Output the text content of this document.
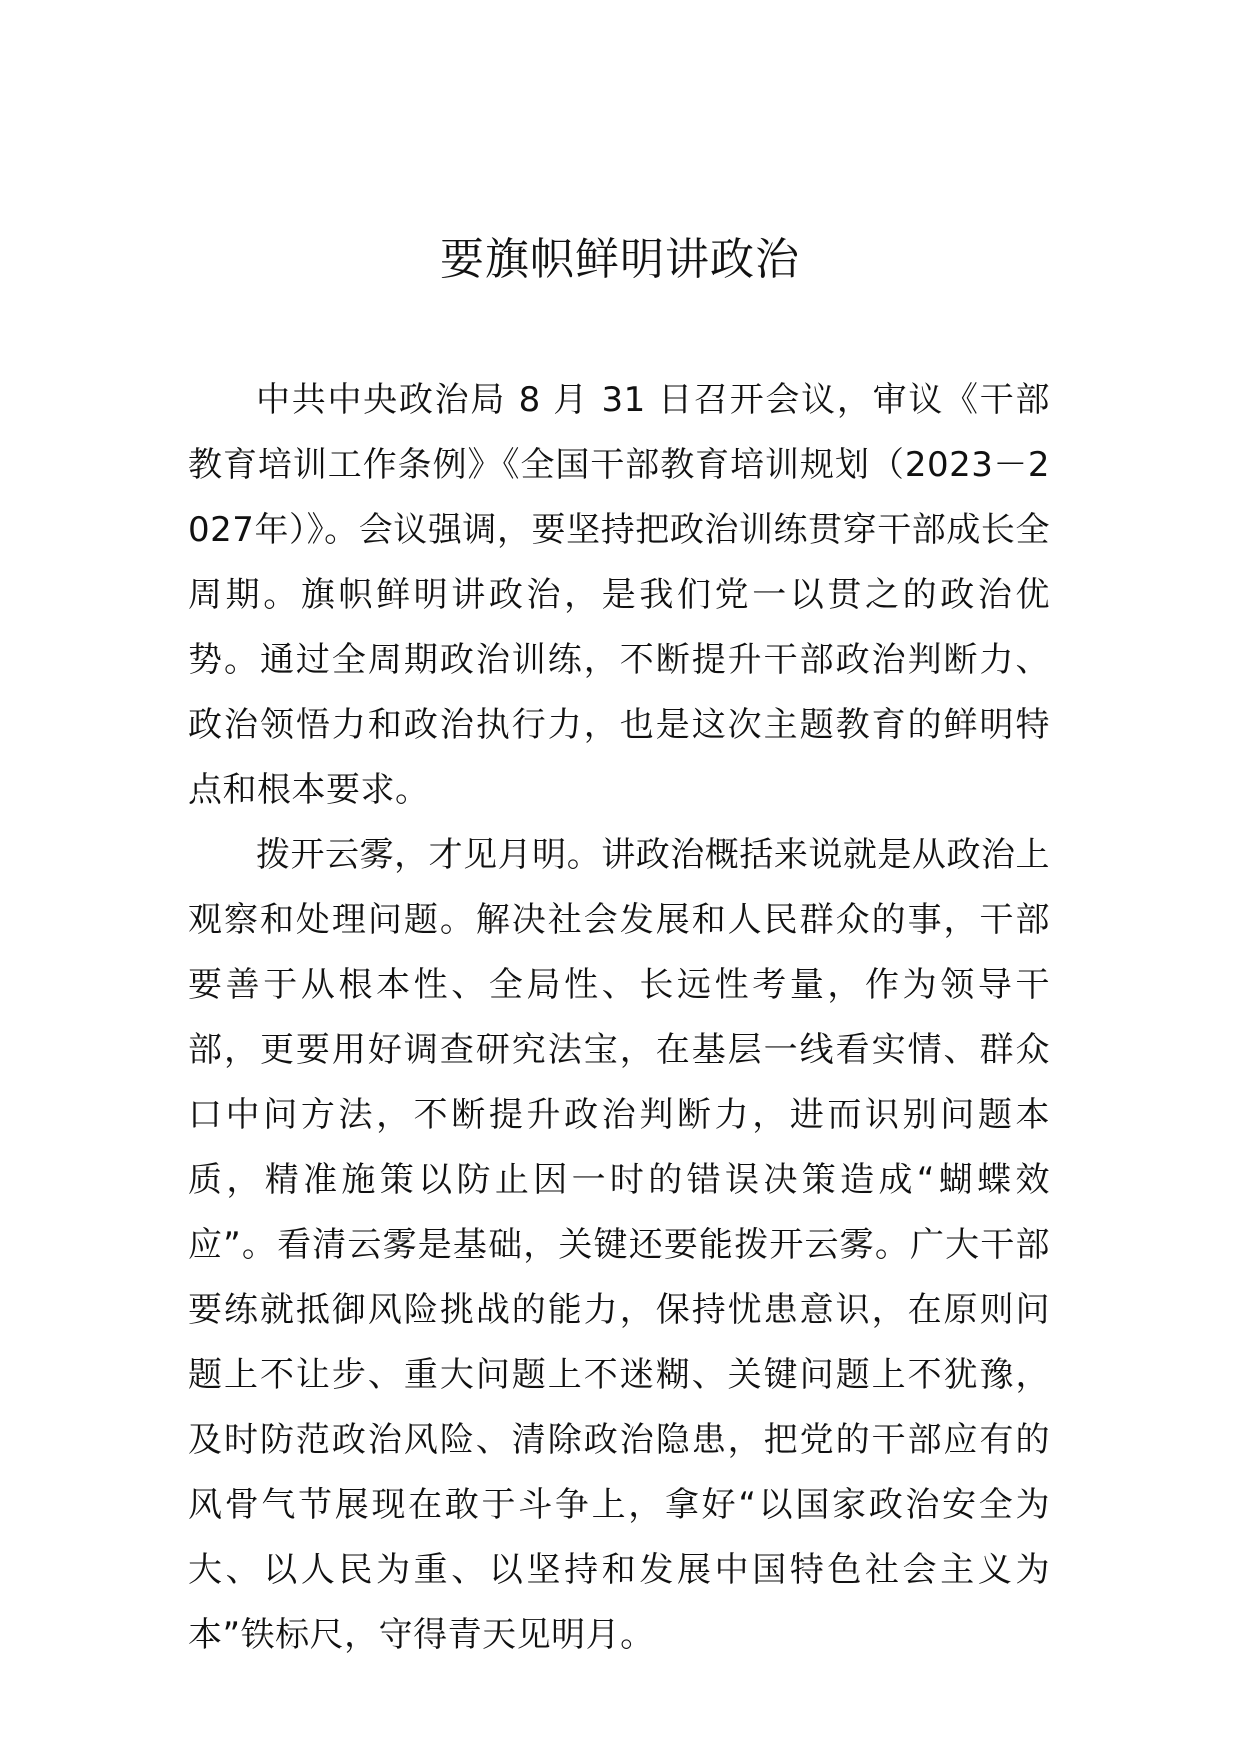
要旗帜鲜明讲政治

中共中央政治局 8 月 31 日召开会议，审议《干部教育培训工作条例》《全国干部教育培训规划（2023－2027年）》。会议强调，要坚持把政治训练贯穿干部成长全周期。旗帜鲜明讲政治，是我们党一以贯之的政治优势。通过全周期政治训练，不断提升干部政治判断力、政治领悟力和政治执行力，也是这次主题教育的鲜明特点和根本要求。

拨开云雾，才见月明。讲政治概括来说就是从政治上观察和处理问题。解决社会发展和人民群众的事，干部要善于从根本性、全局性、长远性考量，作为领导干部，更要用好调查研究法宝，在基层一线看实情、群众口中问方法，不断提升政治判断力，进而识别问题本质，精准施策以防止因一时的错误决策造成“蝴蝶效应”。看清云雾是基础，关键还要能拨开云雾。广大干部要练就抵御风险挑战的能力，保持忧患意识，在原则问题上不让步、重大问题上不迷糊、关键问题上不犹豫，及时防范政治风险、清除政治隐患，把党的干部应有的风骨气节展现在敢于斗争上，拿好“以国家政治安全为大、以人民为重、以坚持和发展中国特色社会主义为本”铁标尺，守得青天见明月。
